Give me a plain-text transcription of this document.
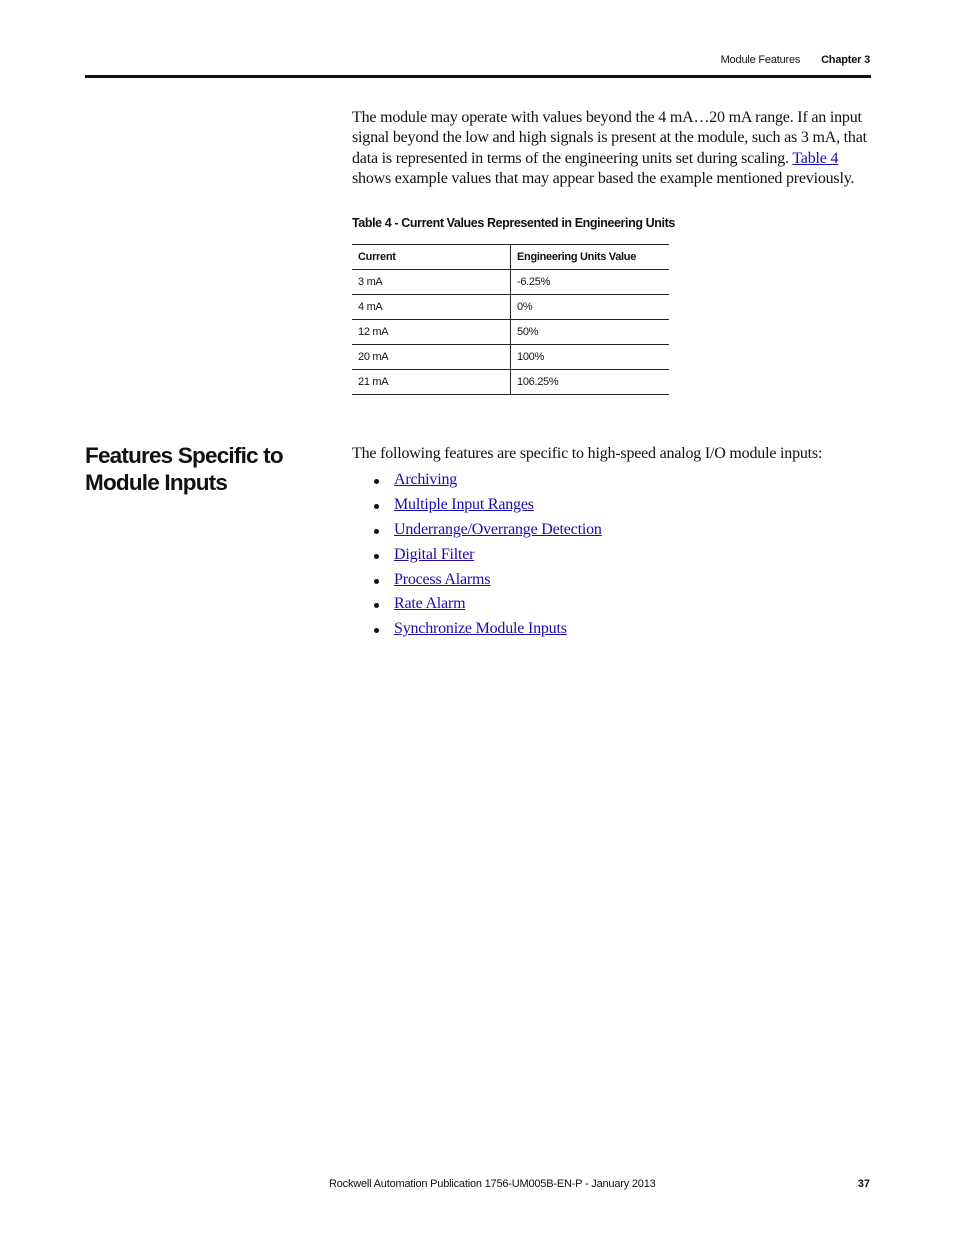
Module Features Chapter 3

The module may operate with values beyond the 4 mA…20 mA range. If an input signal beyond the low and high signals is present at the module, such as 3 mA, that data is represented in terms of the engineering units set during scaling. Table 4 shows example values that may appear based the example mentioned previously.

Table 4 - Current Values Represented in Engineering Units
Current	Engineering Units Value
3 mA	-6.25%
4 mA	0%
12 mA	50%
20 mA	100%
21 mA	106.25%
Features Specific to Module Inputs

The following features are specific to high-speed analog I/O module inputs:

Archiving
Multiple Input Ranges
Underrange/Overrange Detection
Digital Filter
Process Alarms
Rate Alarm
Synchronize Module Inputs
Rockwell Automation Publication 1756-UM005B-EN-P - January 2013	37
